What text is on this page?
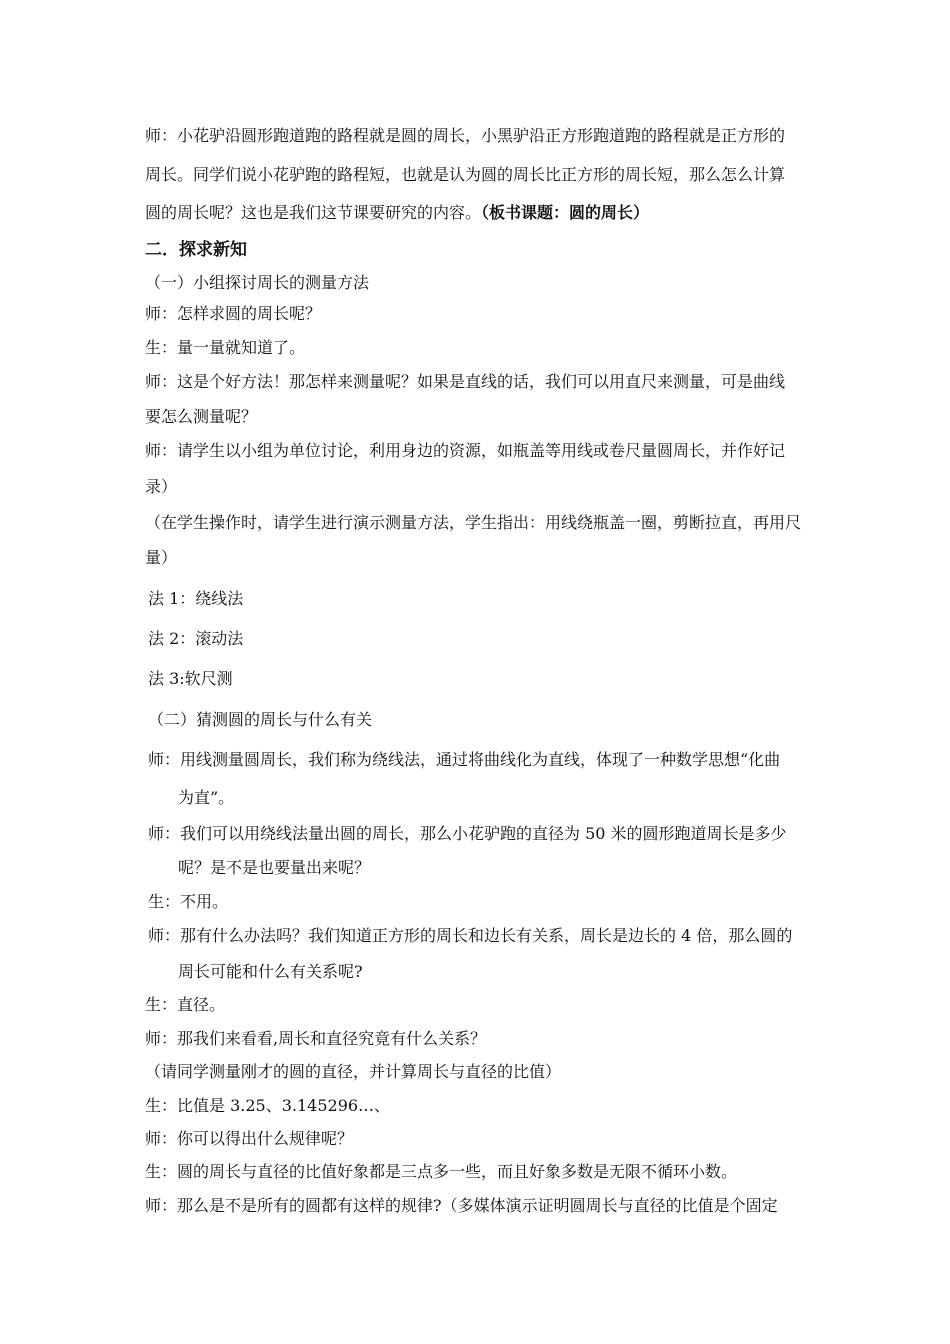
师：小花驴沿圆形跑道跑的路程就是圆的周长，小黑驴沿正方形跑道跑的路程就是正方形的
周长。同学们说小花驴跑的路程短，也就是认为圆的周长比正方形的周长短，那么怎么计算
圆的周长呢？这也是我们这节课要研究的内容。（板书课题：圆的周长）
二．探求新知
（一）小组探讨周长的测量方法
师：怎样求圆的周长呢？
生：量一量就知道了。
师：这是个好方法！那怎样来测量呢？如果是直线的话，我们可以用直尺来测量，可是曲线
要怎么测量呢？
师：请学生以小组为单位讨论，利用身边的资源，如瓶盖等用线或卷尺量圆周长，并作好记
录）
（在学生操作时，请学生进行演示测量方法，学生指出：用线绕瓶盖一圈，剪断拉直，再用尺
量）
法 1：绕线法
法 2：滚动法
法 3:软尺测
（二）猜测圆的周长与什么有关
师：用线测量圆周长，我们称为绕线法，通过将曲线化为直线，体现了一种数学思想“化曲
为直”。
师：我们可以用绕线法量出圆的周长，那么小花驴跑的直径为 50 米的圆形跑道周长是多少
呢？是不是也要量出来呢？
生：不用。
师：那有什么办法吗？我们知道正方形的周长和边长有关系，周长是边长的 4 倍，那么圆的
周长可能和什么有关系呢?
生：直径。
师：那我们来看看,周长和直径究竟有什么关系？
（请同学测量刚才的圆的直径，并计算周长与直径的比值）
生：比值是 3.25、3.145296…、
师：你可以得出什么规律呢？
生：圆的周长与直径的比值好象都是三点多一些，而且好象多数是无限不循环小数。
师：那么是不是所有的圆都有这样的规律?（多媒体演示证明圆周长与直径的比值是个固定
